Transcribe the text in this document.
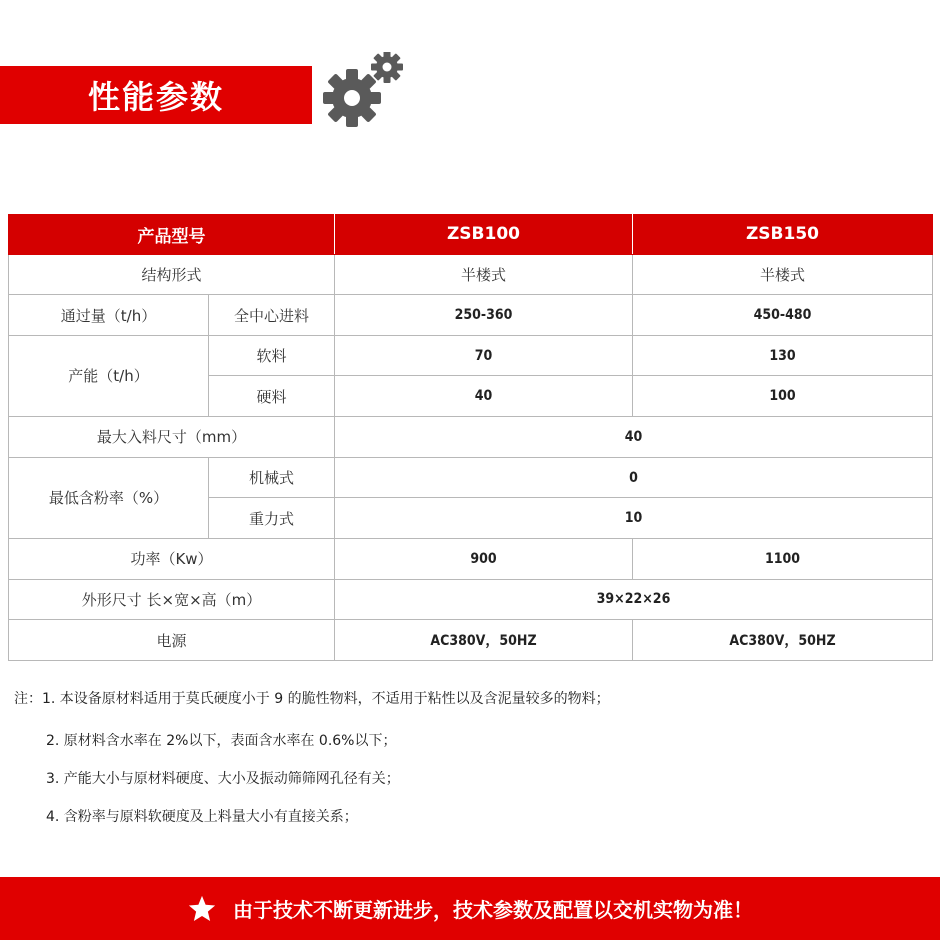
性能参数
产品型号		ZSB100	ZSB150
结构形式		半楼式	半楼式
通过量（t/h）	全中心进料	250-360	450-480
产能（t/h）	软料	70	130
	硬料	40	100
最大入料尺寸（mm）		40	
最低含粉率（%）	机械式	0	
	重力式	10	
功率（Kw）		900	1100
外形尺寸 长×宽×高（m）		39×22×26	
电源		AC380V，50HZ	AC380V，50HZ
注：1. 本设备原材料适用于莫氏硬度小于 9 的脆性物料，不适用于粘性以及含泥量较多的物料；
2. 原材料含水率在 2%以下，表面含水率在 0.6%以下；
3. 产能大小与原材料硬度、大小及振动筛筛网孔径有关；
4. 含粉率与原料软硬度及上料量大小有直接关系；
由于技术不断更新进步，技术参数及配置以交机实物为准！
